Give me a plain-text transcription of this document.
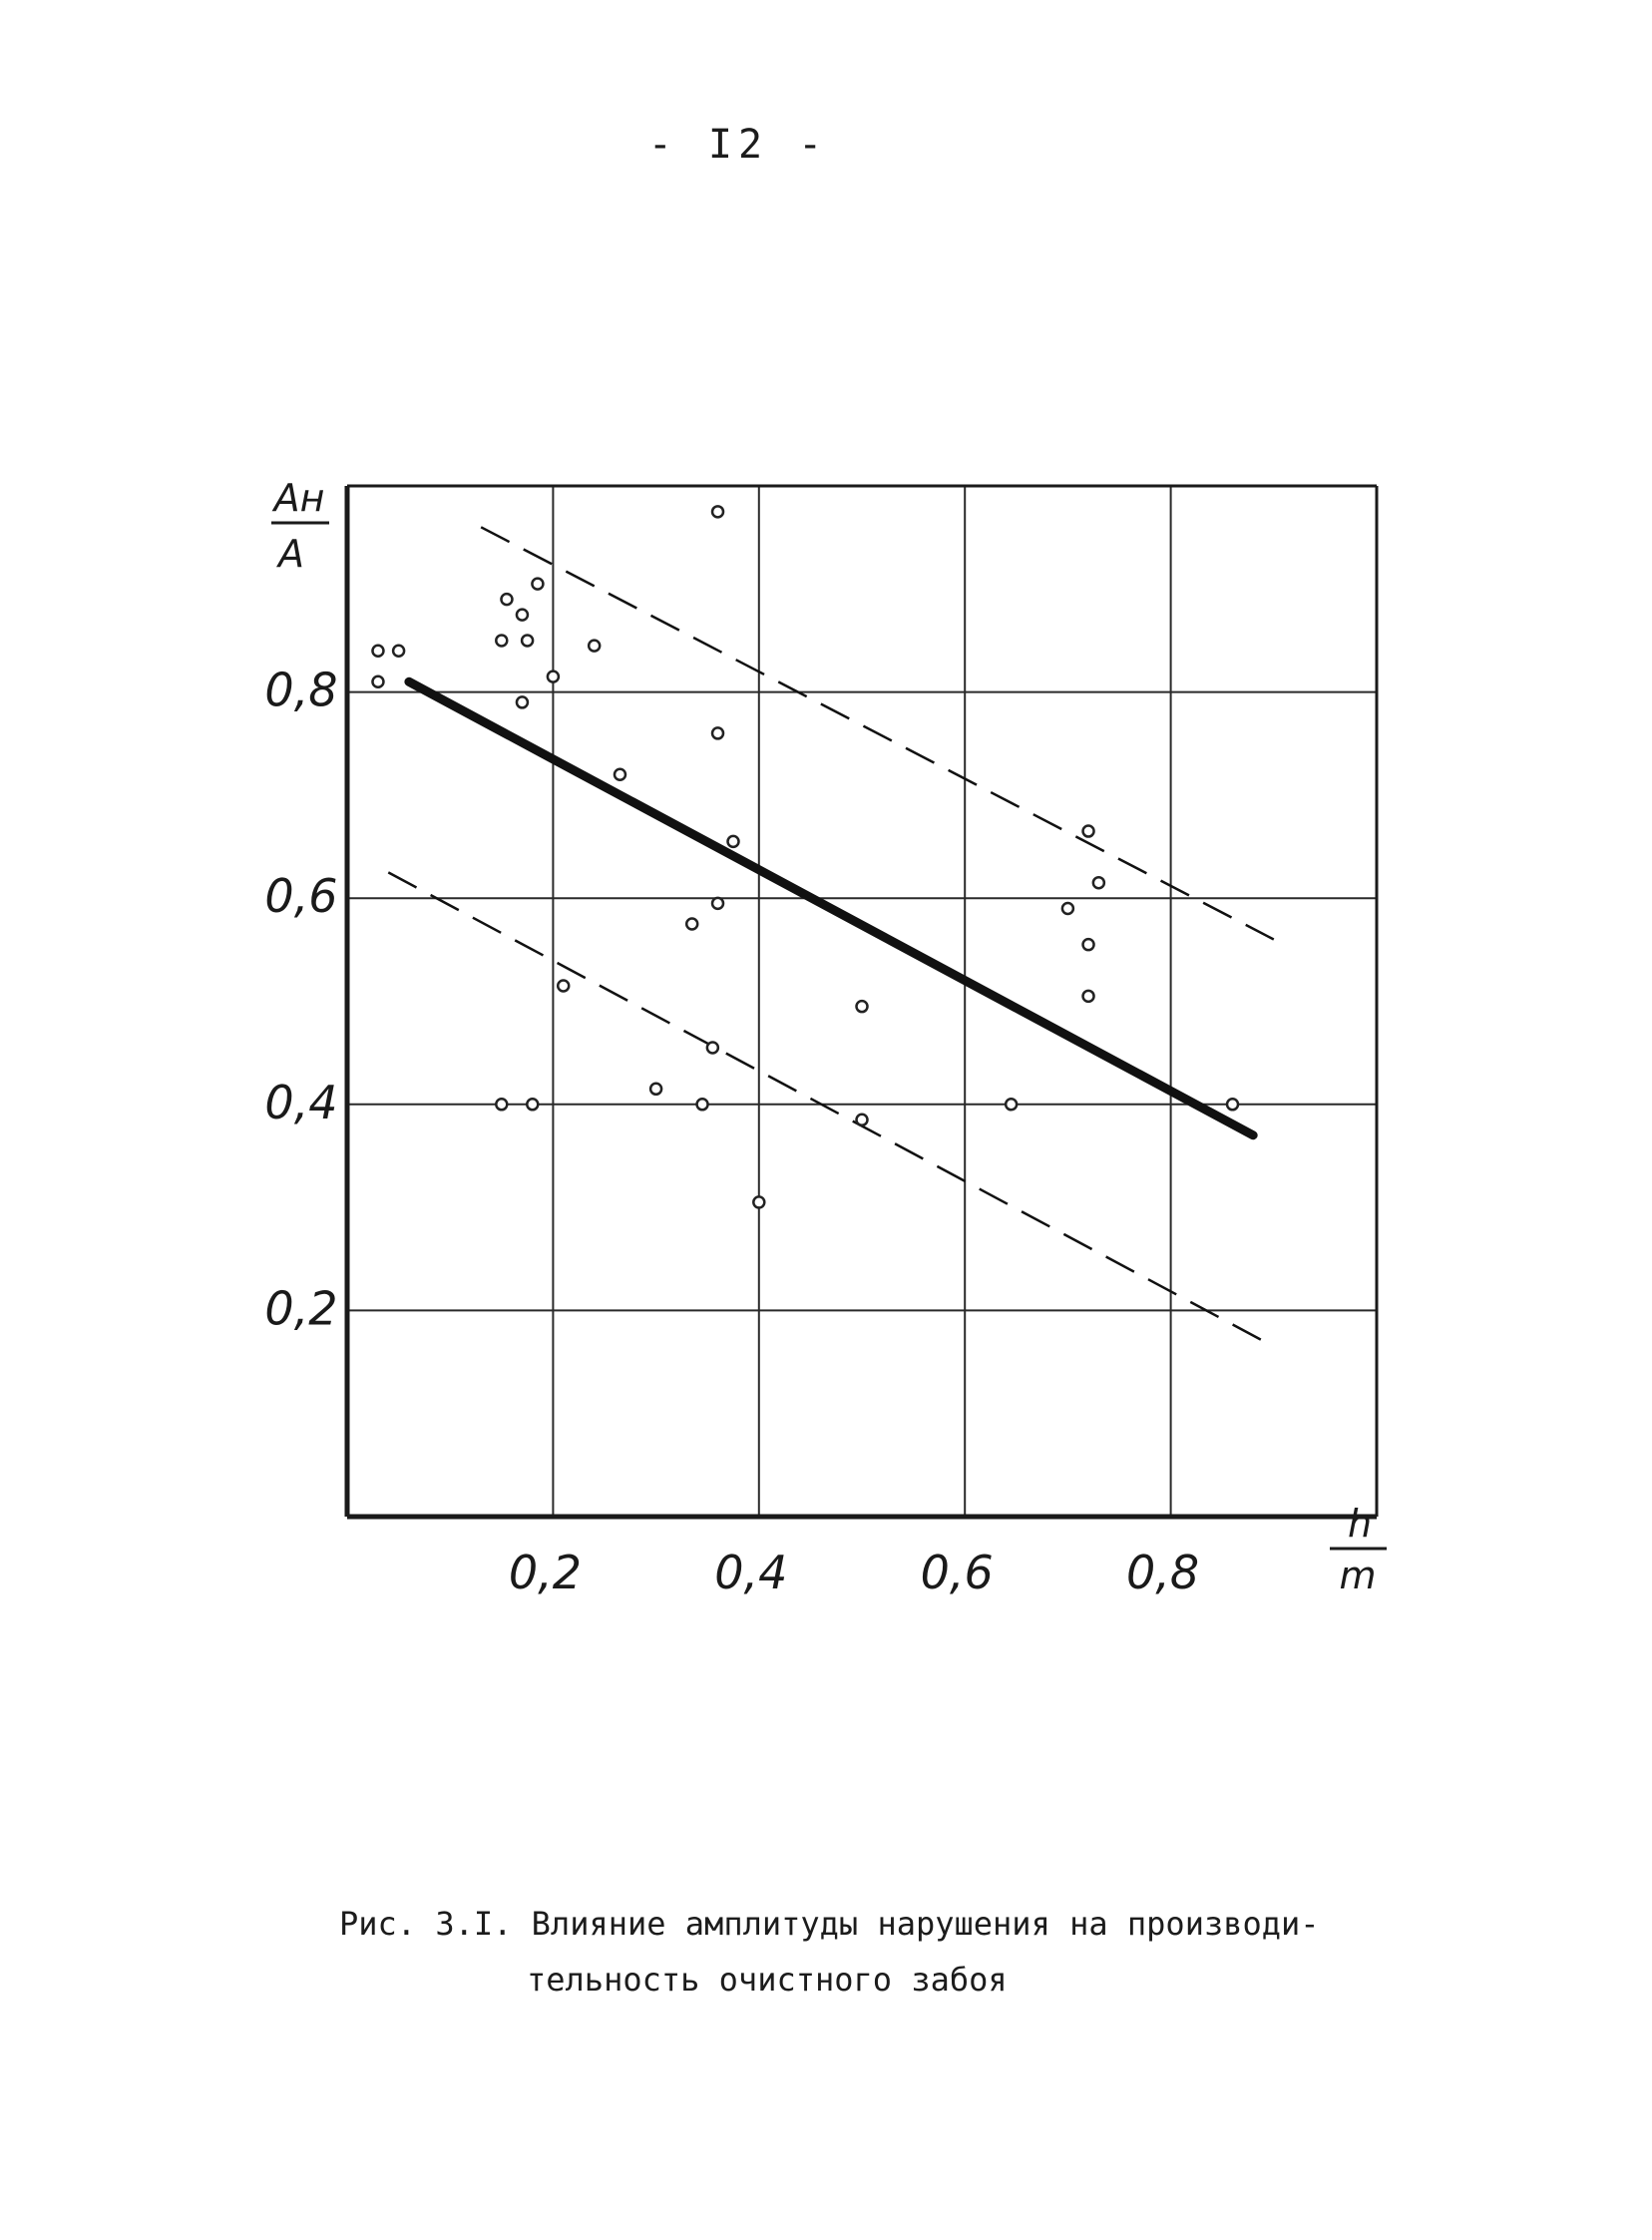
- I2 -
0,2	0,4	0,6	0,8
0,2
0,4
0,6
0,8
Aн
A
h
m
Рис. 3.I. Влияние амплитуды нарушения на производи-
тельность очистного забоя
